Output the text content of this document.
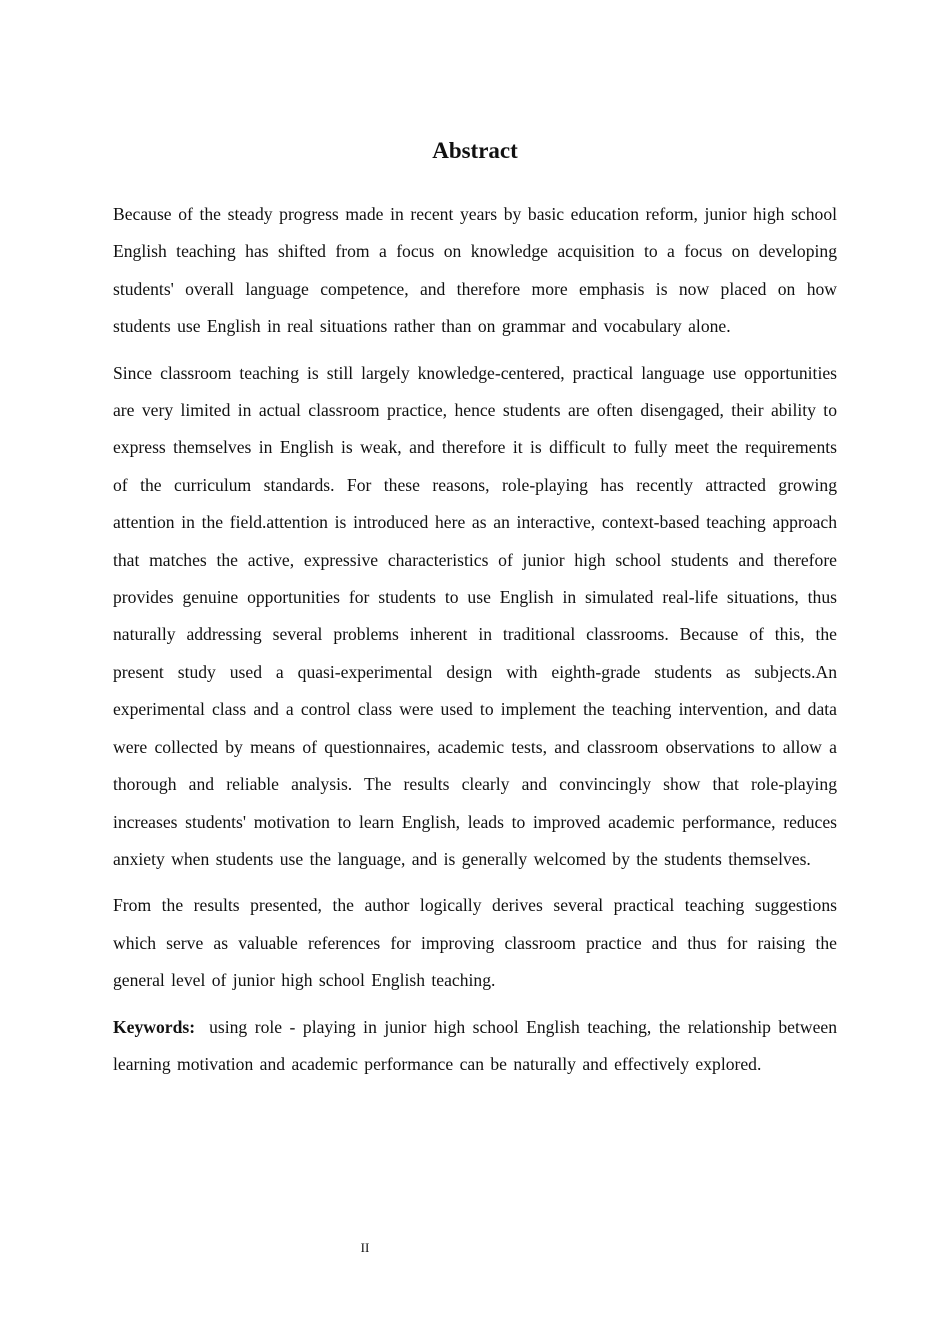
Abstract

Because of the steady progress made in recent years by basic education reform, junior high school English teaching has shifted from a focus on knowledge acquisition to a focus on developing students' overall language competence, and therefore more emphasis is now placed on how students use English in real situations rather than on grammar and vocabulary alone.

Since classroom teaching is still largely knowledge-centered, practical language use opportunities are very limited in actual classroom practice, hence students are often disengaged, their ability to express themselves in English is weak, and therefore it is difficult to fully meet the requirements of the curriculum standards. For these reasons, role-playing has recently attracted growing attention in the field.attention is introduced here as an interactive, context-based teaching approach that matches the active, expressive characteristics of junior high school students and therefore provides genuine opportunities for students to use English in simulated real-life situations, thus naturally addressing several problems inherent in traditional classrooms. Because of this, the present study used a quasi-experimental design with eighth-grade students as subjects.An experimental class and a control class were used to implement the teaching intervention, and data were collected by means of questionnaires, academic tests, and classroom observations to allow a thorough and reliable analysis. The results clearly and convincingly show that role-playing increases students' motivation to learn English, leads to improved academic performance, reduces anxiety when students use the language, and is generally welcomed by the students themselves.

From the results presented, the author logically derives several practical teaching suggestions which serve as valuable references for improving classroom practice and thus for raising the general level of junior high school English teaching.

Keywords: using role - playing in junior high school English teaching, the relationship between learning motivation and academic performance can be naturally and effectively explored.

II
